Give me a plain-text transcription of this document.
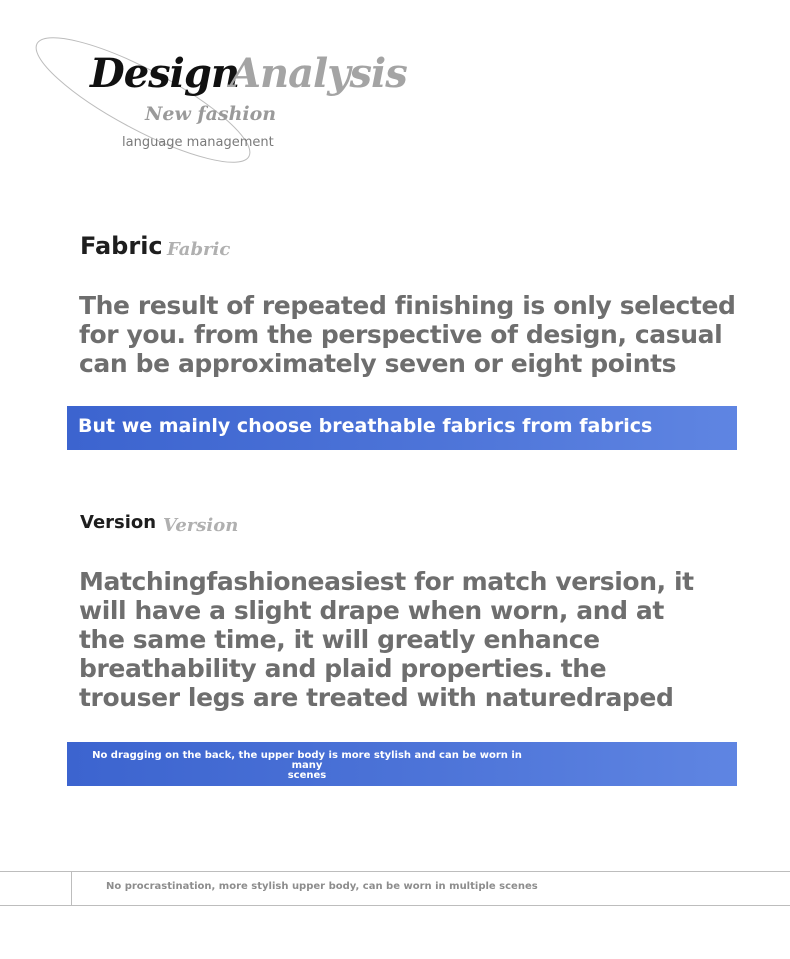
Design
Analysis
New fashion
language management
Fabric Fabric

The result of repeated finishing is only selected for you. from the perspective of design, casual can be approximately seven or eight points

But we mainly choose breathable fabrics from fabrics
Version Version

Matchingfashioneasiest for match version, it will have a slight drape when worn, and at the same time, it will greatly enhance breathability and plaid properties. the trouser legs are treated with naturedraped

No dragging on the back, the upper body is more stylish and can be worn in many
scenes
No procrastination, more stylish upper body, can be worn in multiple scenes
